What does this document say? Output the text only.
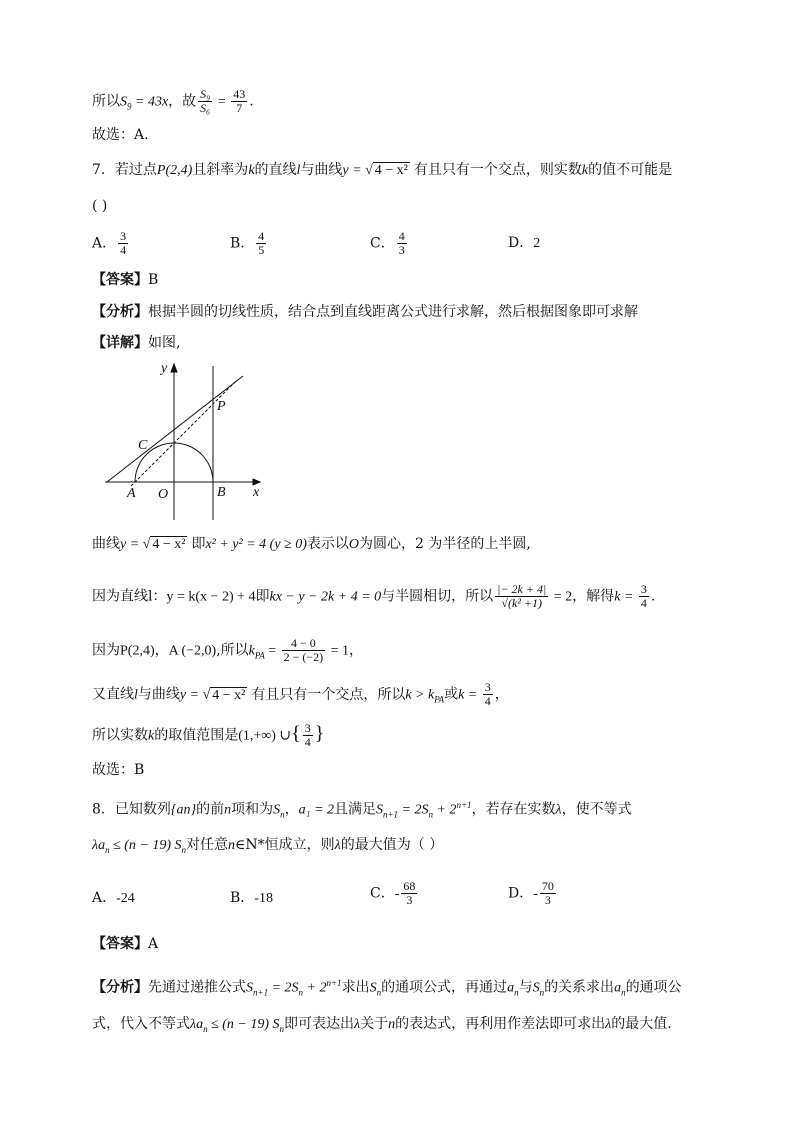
所以$S_9 = 43x$，故 $\frac{\text{S₉}}{\text{S₆}} = \frac{43}{7}$ .
故选：A.
7．若过点P(2,4)且斜率为k的直线l与曲线y = √ 4 − x² 有且只有一个交点，则实数k的值不可能是
( )
A． $\frac{3}{4}$	B． $\frac{4}{5}$	C． $\frac{4}{3}$	D．2
【答案】B
【分析】根据半圆的切线性质，结合点到直线距离公式进行求解，然后根据图象即可求解
【详解】如图,
y
x
P
C
A O	B
曲线y = √ 4 − x² 即x² + y² = 4 (y ≥ 0)表示以O为圆心，2 为半径的上半圆,
因为直线l：y = k(x − 2) + 4即kx − y − 2k + 4 = 0与半圆相切，所以 $\frac{|- 2k + 4|}{\text{√(k² +1)}} = 2$，解得$k = \frac{3}{4}$ .
因为P(2,4)，A (−2,0),所以$k_{PA} = \frac{4 - 0}{2 - (-2)} = 1$，
又直线l与曲线y = √ 4 − x² 有且只有一个交点，所以$k > k_{PA}$或$k = \frac{3}{4}$ ，
所以实数k的取值范围是(1,+∞) ∪{ $\frac{3}{4}$ }
故选：B
8．已知数列{an}的前n项和为$S_n$，a₁ = 2且满足$S_{n+1} = 2S_n + 2^{n+1}$，若存在实数λ，使不等式
$\lambda a_n \le (n - 19)$ $S_n$对任意n∈N*恒成立，则λ的最大值为（ ）
A．-24	B．-18	C．- $\frac{68}{3}$	D．- $\frac{70}{3}$
【答案】A
【分析】先通过递推公式$S_{n+1} = 2S_n + 2^{n+1}$求出$S_n$的通项公式，再通过$a_n$与$S_n$的关系求出$a_n$的通项公
式，代入不等式$\lambda a_n \le (n - 19)$ $S_n$即可表达出λ关于n的表达式，再利用作差法即可求出λ的最大值.
